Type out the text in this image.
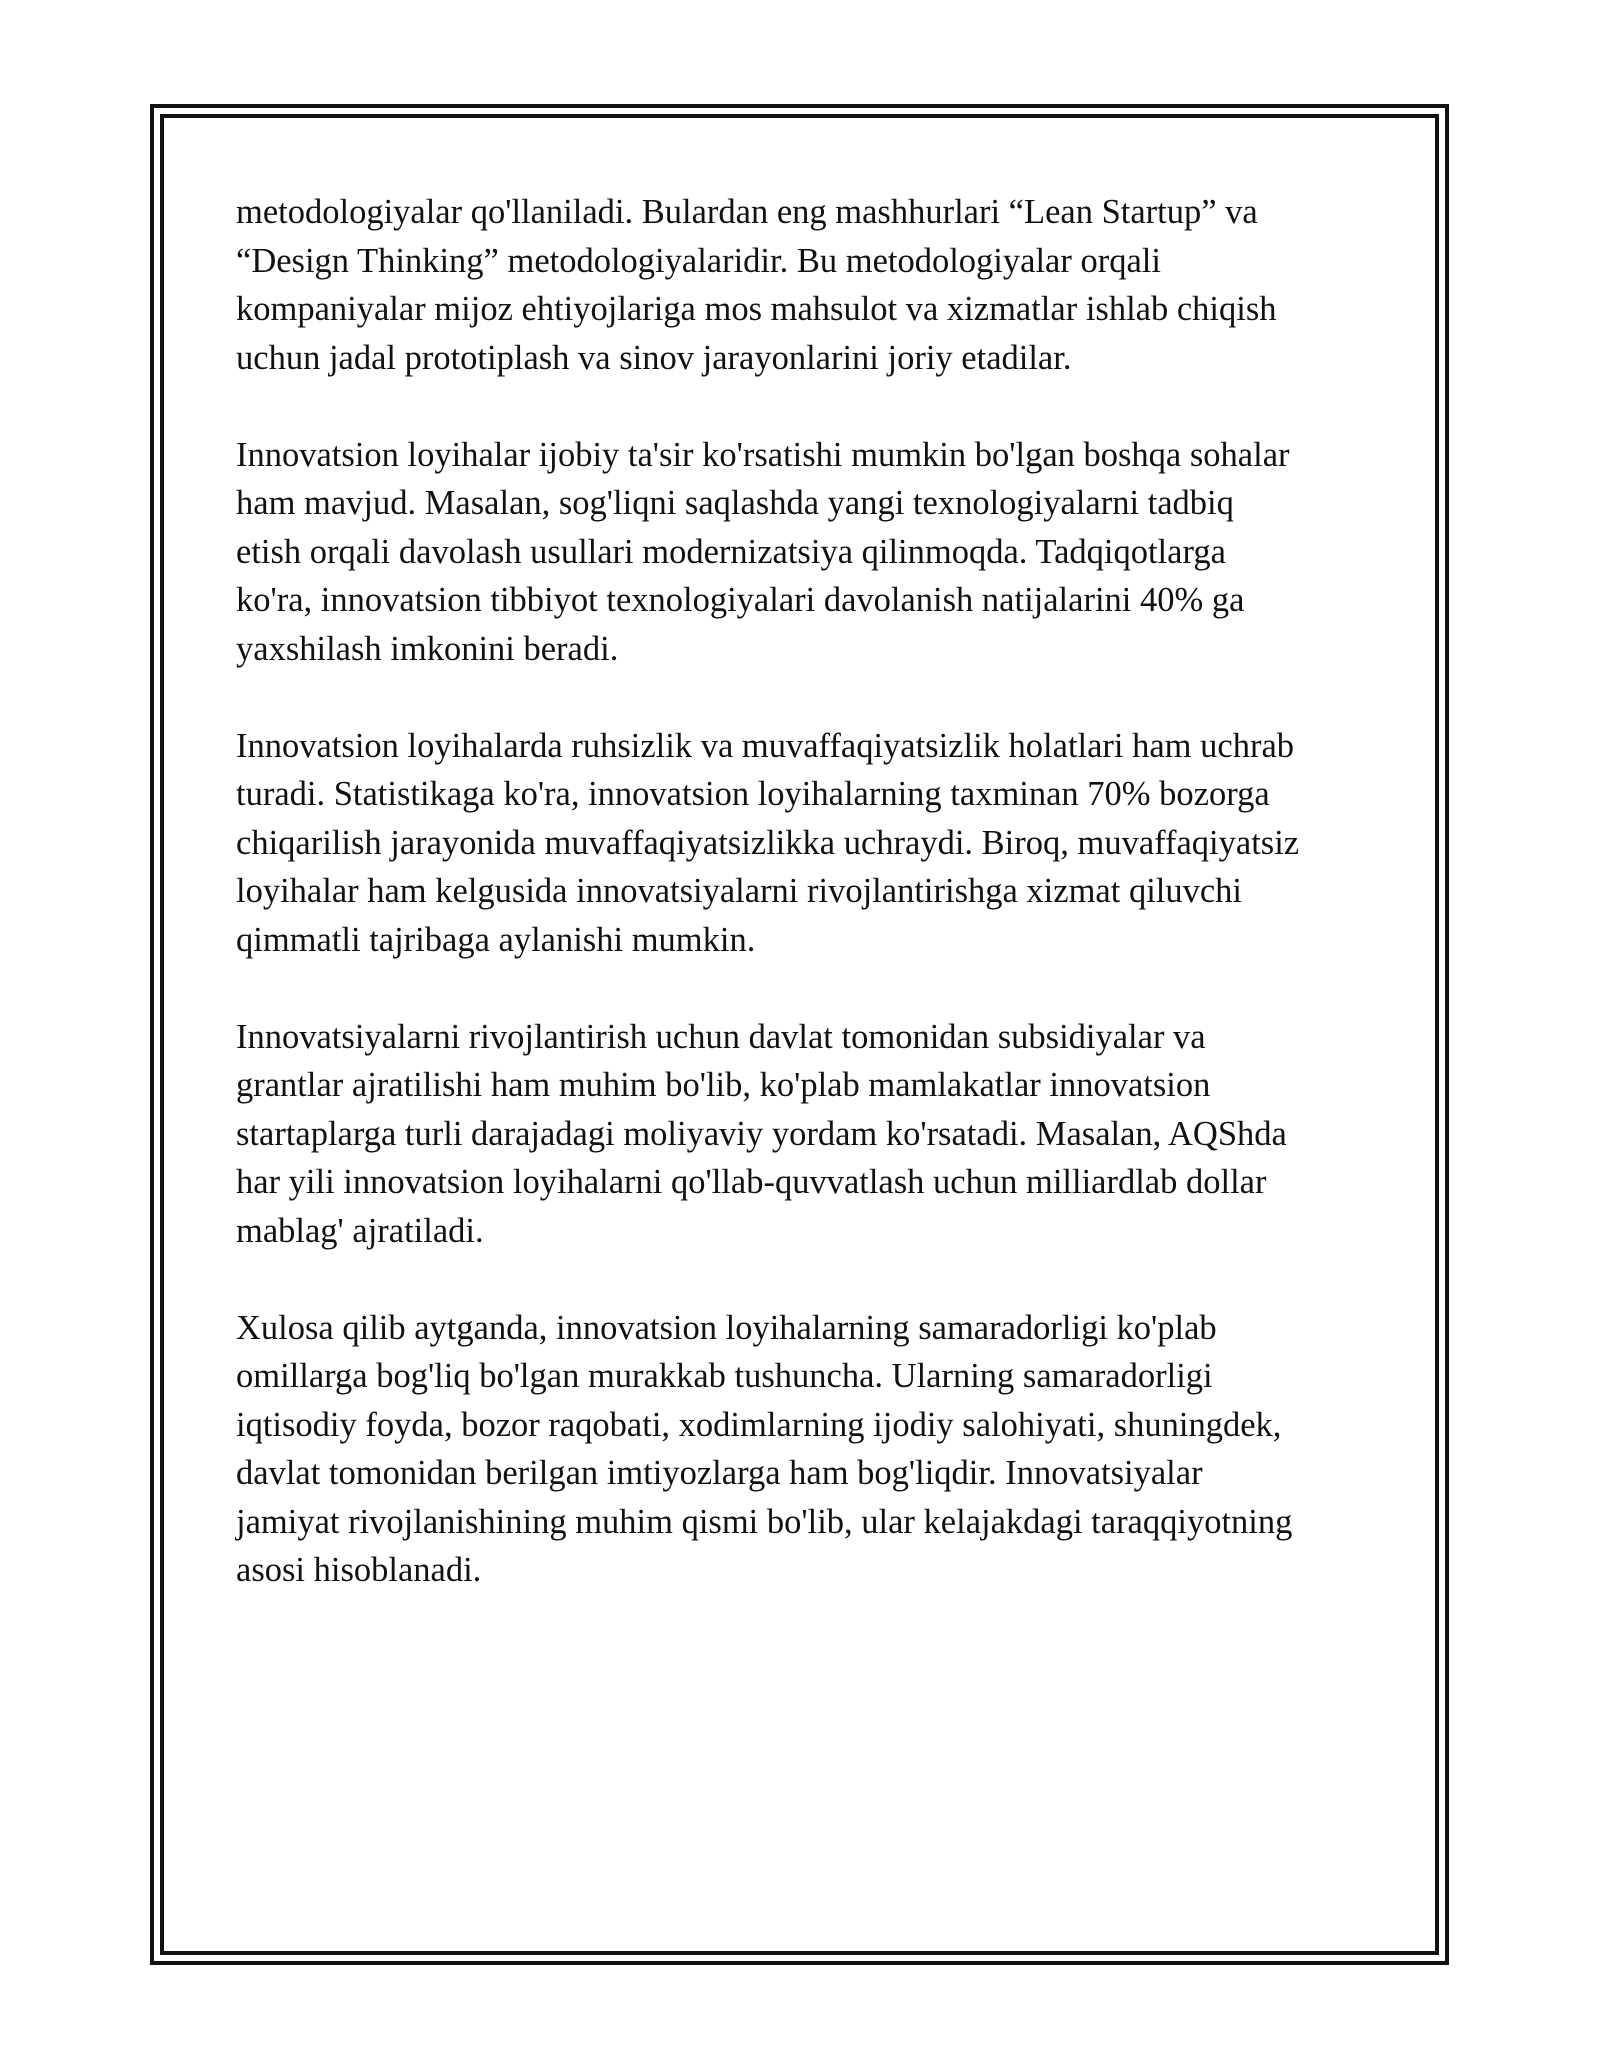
metodologiyalar qo'llaniladi. Bulardan eng mashhurlari “Lean Startup” va
“Design Thinking” metodologiyalaridir. Bu metodologiyalar orqali
kompaniyalar mijoz ehtiyojlariga mos mahsulot va xizmatlar ishlab chiqish
uchun jadal prototiplash va sinov jarayonlarini joriy etadilar.

Innovatsion loyihalar ijobiy ta'sir ko'rsatishi mumkin bo'lgan boshqa sohalar
ham mavjud. Masalan, sog'liqni saqlashda yangi texnologiyalarni tadbiq
etish orqali davolash usullari modernizatsiya qilinmoqda. Tadqiqotlarga
ko'ra, innovatsion tibbiyot texnologiyalari davolanish natijalarini 40% ga
yaxshilash imkonini beradi.

Innovatsion loyihalarda ruhsizlik va muvaffaqiyatsizlik holatlari ham uchrab
turadi. Statistikaga ko'ra, innovatsion loyihalarning taxminan 70% bozorga
chiqarilish jarayonida muvaffaqiyatsizlikka uchraydi. Biroq, muvaffaqiyatsiz
loyihalar ham kelgusida innovatsiyalarni rivojlantirishga xizmat qiluvchi
qimmatli tajribaga aylanishi mumkin.

Innovatsiyalarni rivojlantirish uchun davlat tomonidan subsidiyalar va
grantlar ajratilishi ham muhim bo'lib, ko'plab mamlakatlar innovatsion
startaplarga turli darajadagi moliyaviy yordam ko'rsatadi. Masalan, AQShda
har yili innovatsion loyihalarni qo'llab-quvvatlash uchun milliardlab dollar
mablag' ajratiladi.

Xulosa qilib aytganda, innovatsion loyihalarning samaradorligi ko'plab
omillarga bog'liq bo'lgan murakkab tushuncha. Ularning samaradorligi
iqtisodiy foyda, bozor raqobati, xodimlarning ijodiy salohiyati, shuningdek,
davlat tomonidan berilgan imtiyozlarga ham bog'liqdir. Innovatsiyalar
jamiyat rivojlanishining muhim qismi bo'lib, ular kelajakdagi taraqqiyotning
asosi hisoblanadi.
